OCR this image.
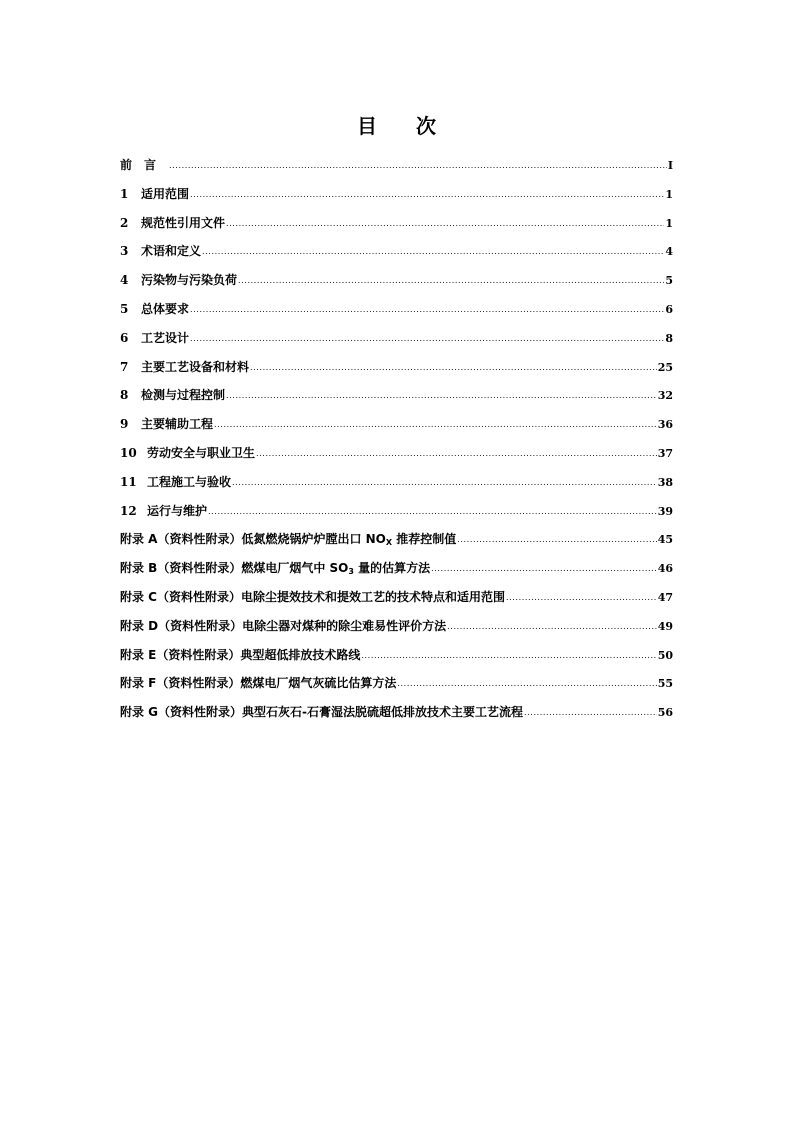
目 次
前言 .....	I
1	适用范围 .....	1
2	规范性引用文件 .....	1
3	术语和定义 .....	4
4	污染物与污染负荷 .....	5
5	总体要求 .....	6
6	工艺设计 .....	8
7	主要工艺设备和材料 .....	25
8	检测与过程控制 .....	32
9	主要辅助工程 .....	36
10 劳动安全与职业卫生 .....	37
11 工程施工与验收 .....	38
12 运行与维护 .....	39
附录 A（资料性附录）低氮燃烧锅炉炉膛出口 $NO_X$ 推荐控制值 .....	45
附录 B（资料性附录）燃煤电厂烟气中 $SO_3$ 量的估算方法 .....	46
附录 C（资料性附录）电除尘提效技术和提效工艺的技术特点和适用范围 .....	47
附录 D（资料性附录）电除尘器对煤种的除尘难易性评价方法 .....	49
附录 E（资料性附录）典型超低排放技术路线 .....	50
附录 F（资料性附录）燃煤电厂烟气灰硫比估算方法 .....	55
附录 G（资料性附录）典型石灰石-石膏湿法脱硫超低排放技术主要工艺流程 .....	56
